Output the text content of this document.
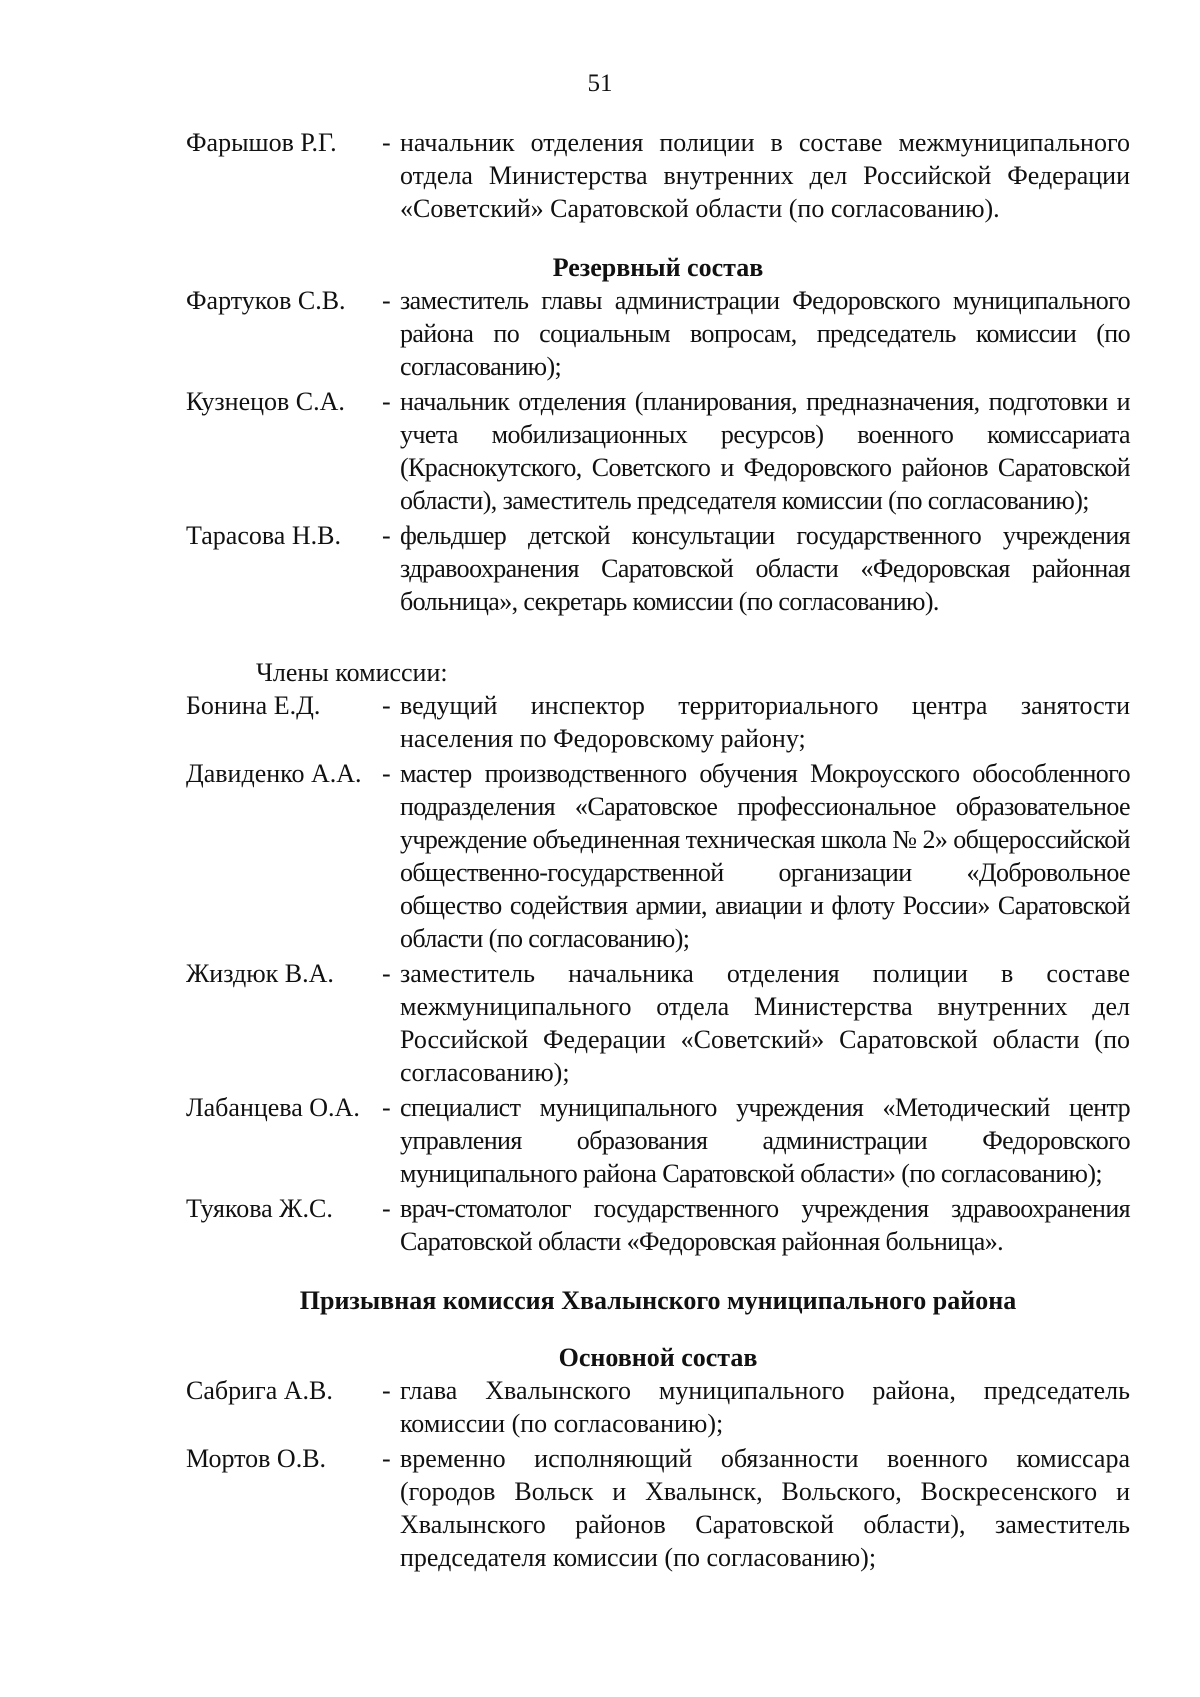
51
Фарышов Р.Г.	- начальник отделения полиции в составе межмуниципального отдела Министерства внутренних дел Российской Федерации «Советский» Саратовской области (по согласованию).
Резервный состав
Фартуков С.В.	- заместитель главы администрации Федоровского муниципального района по социальным вопросам, председатель комиссии (по согласованию);
Кузнецов С.А.	- начальник отделения (планирования, предназначения, подготовки и учета мобилизационных ресурсов) военного комиссариата (Краснокутского, Советского и Федоровского районов Саратовской области), заместитель председателя комиссии (по согласованию);
Тарасова Н.В.	- фельдшер детской консультации государственного учреждения здравоохранения Саратовской области «Федоровская районная больница», секретарь комиссии (по согласованию).
Члены комиссии:
Бонина Е.Д.	- ведущий инспектор территориального центра занятости населения по Федоровскому району;
Давиденко А.А. - мастер производственного обучения Мокроусского обособленного подразделения «Саратовское профессиональное образовательное учреждение объединенная техническая школа № 2» общероссийской общественно-государственной организации «Добровольное общество содействия армии, авиации и флоту России» Саратовской области (по согласованию);
Жиздюк В.А.	- заместитель начальника отделения полиции в составе межмуниципального отдела Министерства внутренних дел Российской Федерации «Советский» Саратовской области (по согласованию);
Лабанцева О.А. - специалист муниципального учреждения «Методический центр управления образования администрации Федоровского муниципального района Саратовской области» (по согласованию);
Туякова Ж.С.	- врач-стоматолог государственного учреждения здравоохранения Саратовской области «Федоровская районная больница».
Призывная комиссия Хвалынского муниципального района
Основной состав
Сабрига А.В.	- глава Хвалынского муниципального района, председатель комиссии (по согласованию);
Мортов О.В.	- временно исполняющий обязанности военного комиссара (городов Вольск и Хвалынск, Вольского, Воскресенского и Хвалынского районов Саратовской области), заместитель председателя комиссии (по согласованию);
